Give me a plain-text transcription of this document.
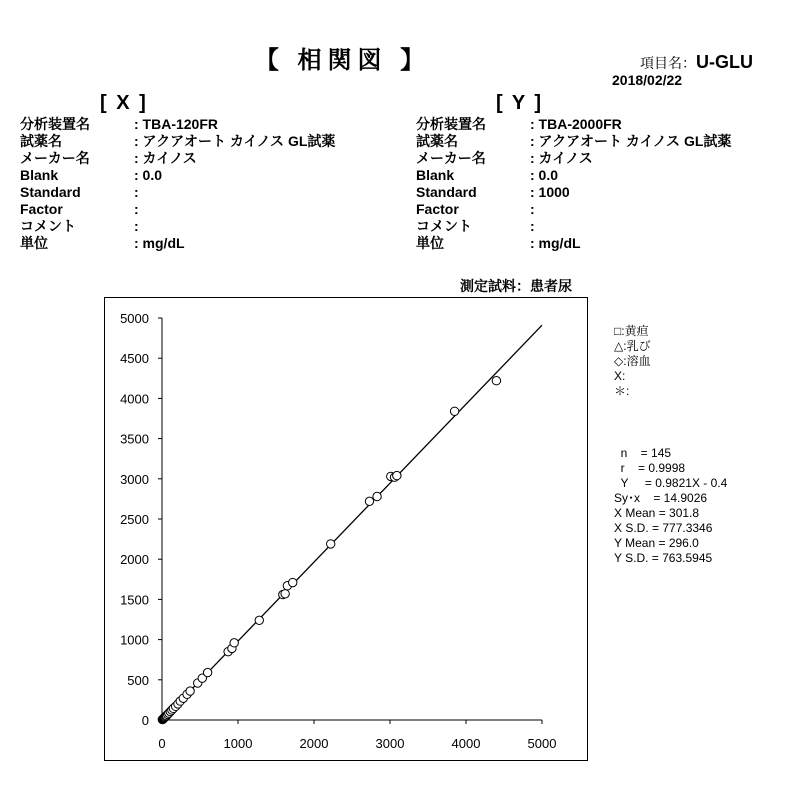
【 相関図 】	項目名：U-GLU
2018/02/22
[ X ]	[ Y ]
分析装置名	: TBA-120FR
試薬名	: アクアオート カイノス GL試薬
メーカー名	: カイノス
Blank	: 0.0
Standard	:
Factor	:
コメント	:
単位	: mg/dL
分析装置名	: TBA-2000FR
試薬名	: アクアオート カイノス GL試薬
メーカー名	: カイノス
Blank	: 0.0
Standard	: 1000
Factor	:
コメント	:
単位	: mg/dL
測定試料：患者尿
0	1000	2000	3000	4000	5000
0
500
1000
1500
2000
2500
3000
3500
4000
4500
5000
□:黄疸
△:乳び
◇:溶血
X:
＊:
n    = 145
r    = 0.9998
Y     = 0.9821X - 0.4
Sy･x    = 14.9026
X Mean = 301.8
X S.D. = 777.3346
Y Mean = 296.0
Y S.D. = 763.5945
